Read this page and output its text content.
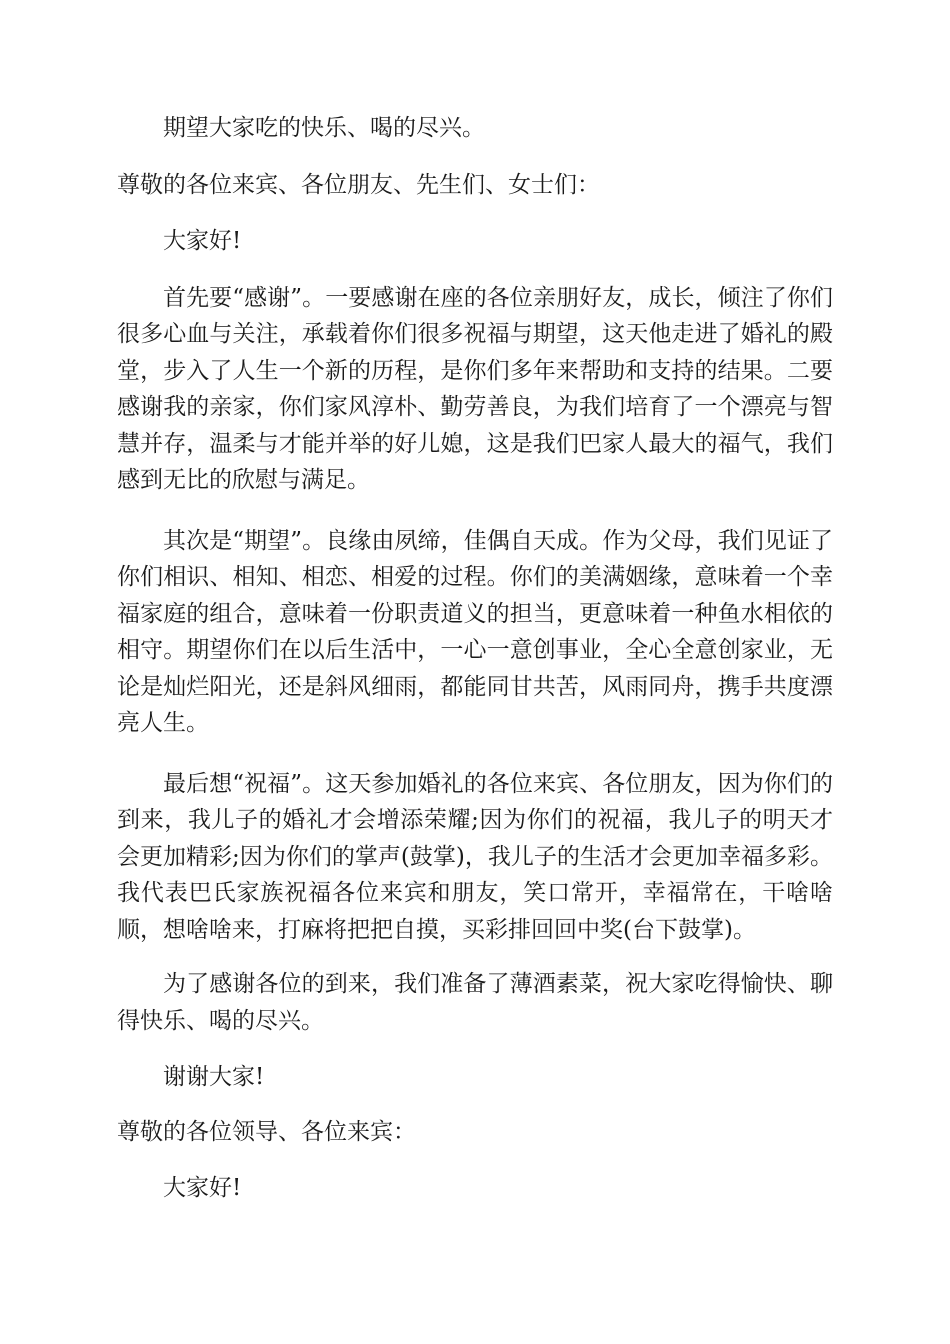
期望大家吃的快乐、喝的尽兴。

尊敬的各位来宾、各位朋友、先生们、女士们：

大家好!

首先要“感谢”。一要感谢在座的各位亲朋好友，成长，倾注了你们很多心血与关注，承载着你们很多祝福与期望，这天他走进了婚礼的殿堂，步入了人生一个新的历程，是你们多年来帮助和支持的结果。二要感谢我的亲家，你们家风淳朴、勤劳善良，为我们培育了一个漂亮与智慧并存，温柔与才能并举的好儿媳，这是我们巴家人最大的福气，我们感到无比的欣慰与满足。

其次是“期望”。良缘由夙缔，佳偶自天成。作为父母，我们见证了你们相识、相知、相恋、相爱的过程。你们的美满姻缘，意味着一个幸福家庭的组合，意味着一份职责道义的担当，更意味着一种鱼水相依的相守。期望你们在以后生活中，一心一意创事业，全心全意创家业，无论是灿烂阳光，还是斜风细雨，都能同甘共苦，风雨同舟，携手共度漂亮人生。

最后想“祝福”。这天参加婚礼的各位来宾、各位朋友，因为你们的到来，我儿子的婚礼才会增添荣耀;因为你们的祝福，我儿子的明天才会更加精彩;因为你们的掌声(鼓掌)，我儿子的生活才会更加幸福多彩。我代表巴氏家族祝福各位来宾和朋友，笑口常开，幸福常在，干啥啥顺，想啥啥来，打麻将把把自摸，买彩排回回中奖(台下鼓掌)。

为了感谢各位的到来，我们准备了薄酒素菜，祝大家吃得愉快、聊得快乐、喝的尽兴。

谢谢大家!

尊敬的各位领导、各位来宾：

大家好!
